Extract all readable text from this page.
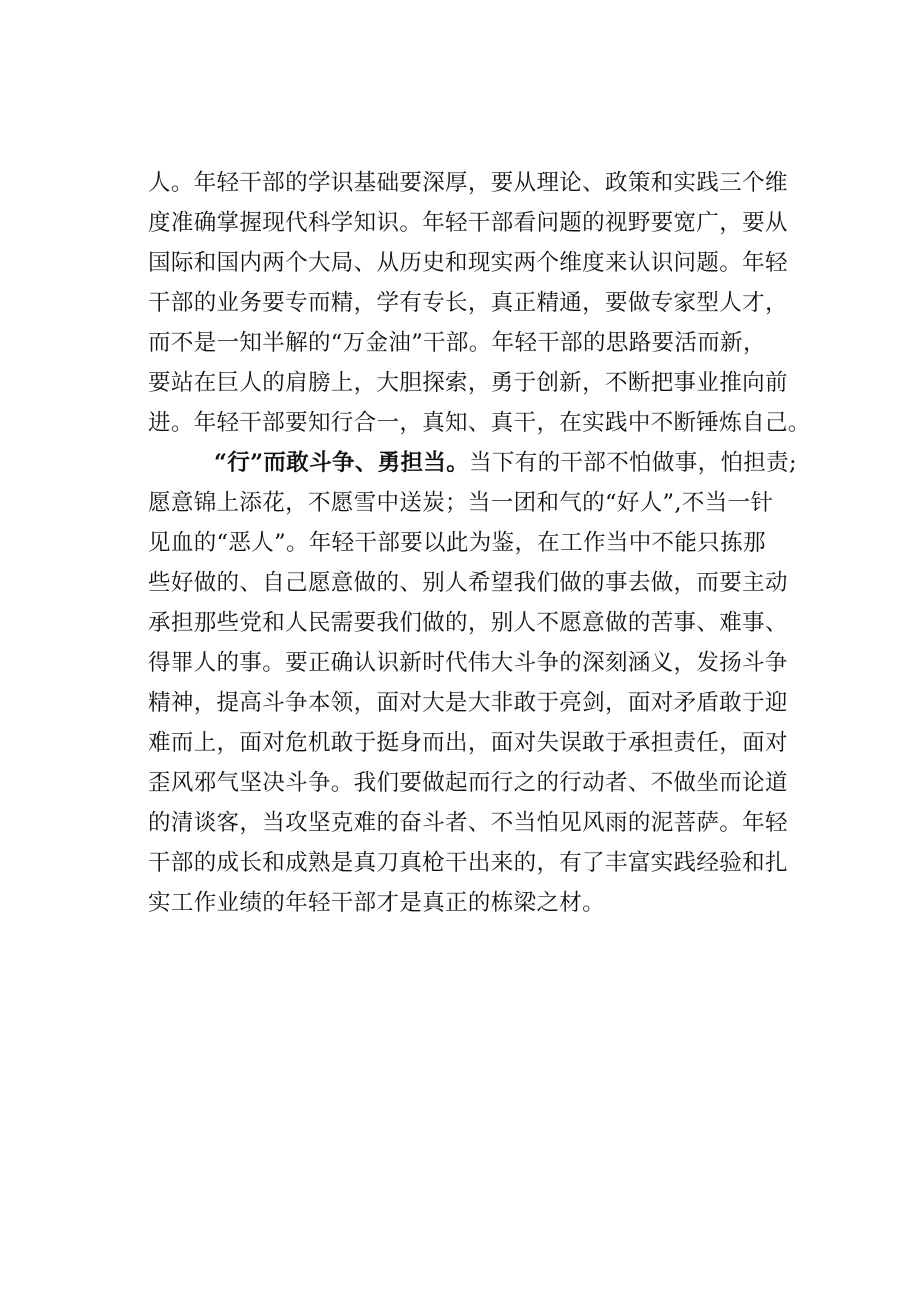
人。年轻干部的学识基础要深厚，要从理论、政策和实践三个维
度准确掌握现代科学知识。年轻干部看问题的视野要宽广，要从
国际和国内两个大局、从历史和现实两个维度来认识问题。年轻
干部的业务要专而精，学有专长，真正精通，要做专家型人才，
而不是一知半解的“万金油”干部。年轻干部的思路要活而新，
要站在巨人的肩膀上，大胆探索，勇于创新，不断把事业推向前
进。年轻干部要知行合一，真知、真干，在实践中不断锤炼自己。
“行”而敢斗争、勇担当。当下有的干部不怕做事，怕担责;
愿意锦上添花，不愿雪中送炭；当一团和气的“好人”,不当一针
见血的“恶人”。年轻干部要以此为鉴，在工作当中不能只拣那
些好做的、自己愿意做的、别人希望我们做的事去做，而要主动
承担那些党和人民需要我们做的，别人不愿意做的苦事、难事、
得罪人的事。要正确认识新时代伟大斗争的深刻涵义，发扬斗争
精神，提高斗争本领，面对大是大非敢于亮剑，面对矛盾敢于迎
难而上，面对危机敢于挺身而出，面对失误敢于承担责任，面对
歪风邪气坚决斗争。我们要做起而行之的行动者、不做坐而论道
的清谈客，当攻坚克难的奋斗者、不当怕见风雨的泥菩萨。年轻
干部的成长和成熟是真刀真枪干出来的，有了丰富实践经验和扎
实工作业绩的年轻干部才是真正的栋梁之材。
